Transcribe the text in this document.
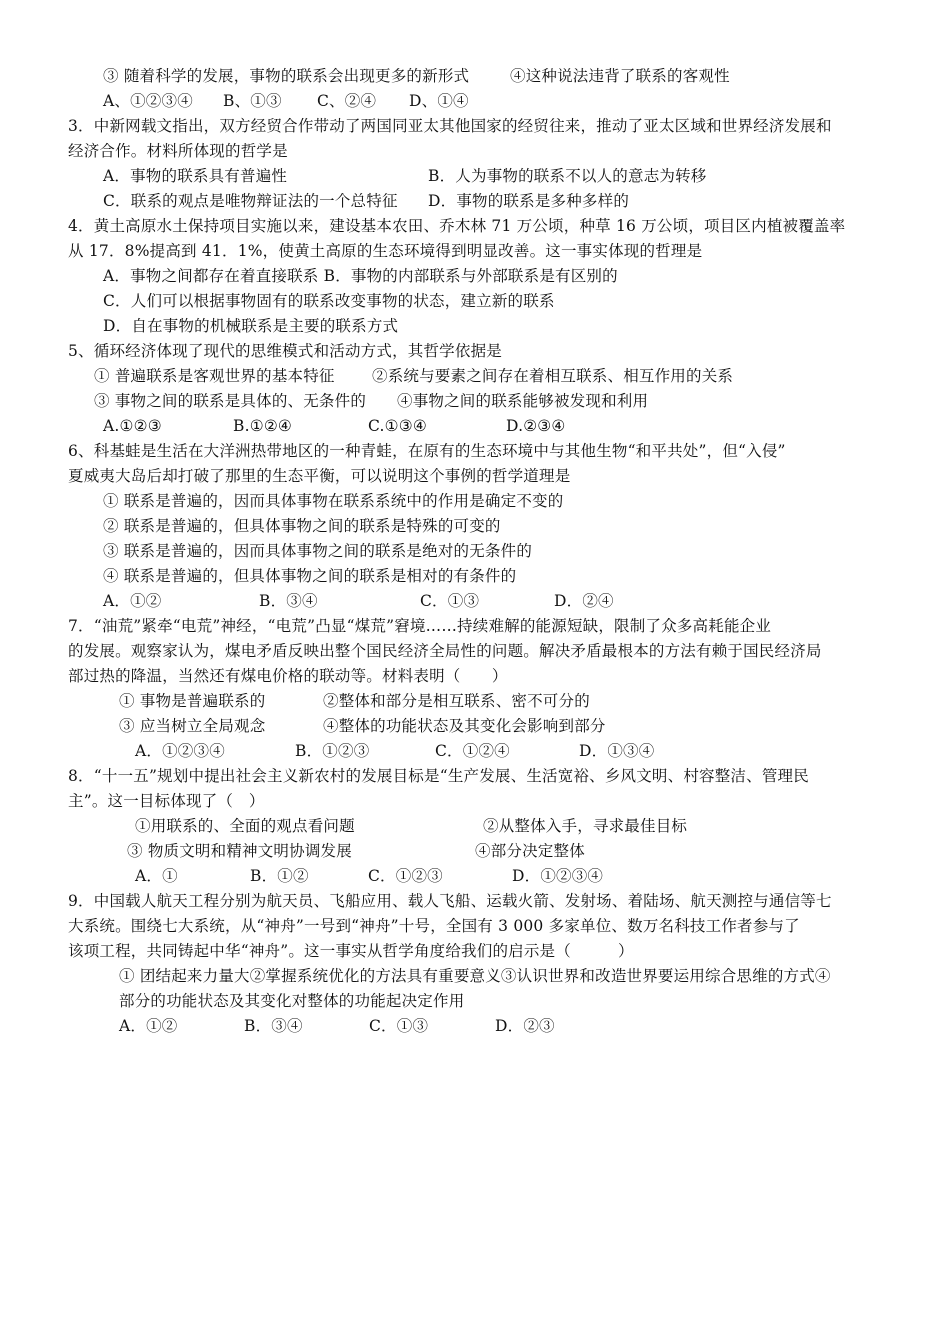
③ 随着科学的发展，事物的联系会出现更多的新形式	④这种说法违背了联系的客观性
A、①②③④ B、①③ C、②④ D、①④
3．中新网载文指出，双方经贸合作带动了两国同亚太其他国家的经贸往来，推动了亚太区域和世界经济发展和
经济合作。材料所体现的哲学是
A．事物的联系具有普遍性	B．人为事物的联系不以人的意志为转移
C．联系的观点是唯物辩证法的一个总特征 D．事物的联系是多种多样的
4．黄土高原水土保持项目实施以来，建设基本农田、乔木林 71 万公顷，种草 16 万公顷，项目区内植被覆盖率
从 17．8%提高到 41．1%，使黄土高原的生态环境得到明显改善。这一事实体现的哲理是
A．事物之间都存在着直接联系 B．事物的内部联系与外部联系是有区别的
C．人们可以根据事物固有的联系改变事物的状态，建立新的联系
D．自在事物的机械联系是主要的联系方式
5、循环经济体现了现代的思维模式和活动方式，其哲学依据是
① 普遍联系是客观世界的基本特征 ②系统与要素之间存在着相互联系、相互作用的关系
③ 事物之间的联系是具体的、无条件的 ④事物之间的联系能够被发现和利用
A.①②③	B.①②④	C.①③④	D.②③④
6、科基蛙是生活在大洋洲热带地区的一种青蛙，在原有的生态环境中与其他生物“和平共处”，但“入侵”
夏威夷大岛后却打破了那里的生态平衡，可以说明这个事例的哲学道理是
① 联系是普遍的，因而具体事物在联系系统中的作用是确定不变的
② 联系是普遍的，但具体事物之间的联系是特殊的可变的
③ 联系是普遍的，因而具体事物之间的联系是绝对的无条件的
④ 联系是普遍的，但具体事物之间的联系是相对的有条件的
A．①②	B．③④	C．①③	D．②④
7．“油荒”紧牵“电荒”神经，“电荒”凸显“煤荒”窘境……持续难解的能源短缺，限制了众多高耗能企业
的发展。观察家认为，煤电矛盾反映出整个国民经济全局性的问题。解决矛盾最根本的方法有赖于国民经济局
部过热的降温，当然还有煤电价格的联动等。材料表明（　　）
① 事物是普遍联系的	②整体和部分是相互联系、密不可分的
③ 应当树立全局观念	④整体的功能状态及其变化会影响到部分
A．①②③④	B．①②③	C．①②④	D．①③④
8．“十一五”规划中提出社会主义新农村的发展目标是“生产发展、生活宽裕、乡风文明、村容整洁、管理民
主”。这一目标体现了（　）
①用联系的、全面的观点看问题	②从整体入手，寻求最佳目标
③ 物质文明和精神文明协调发展	④部分决定整体
A．①	B．①②	C．①②③	D．①②③④
9．中国载人航天工程分别为航天员、飞船应用、载人飞船、运载火箭、发射场、着陆场、航天测控与通信等七
大系统。围绕七大系统，从“神舟”一号到“神舟”十号，全国有 3 000 多家单位、数万名科技工作者参与了
该项工程，共同铸起中华“神舟”。这一事实从哲学角度给我们的启示是（　　　）
① 团结起来力量大②掌握系统优化的方法具有重要意义③认识世界和改造世界要运用综合思维的方式④
部分的功能状态及其变化对整体的功能起决定作用
A．①②	B．③④	C．①③	D．②③
